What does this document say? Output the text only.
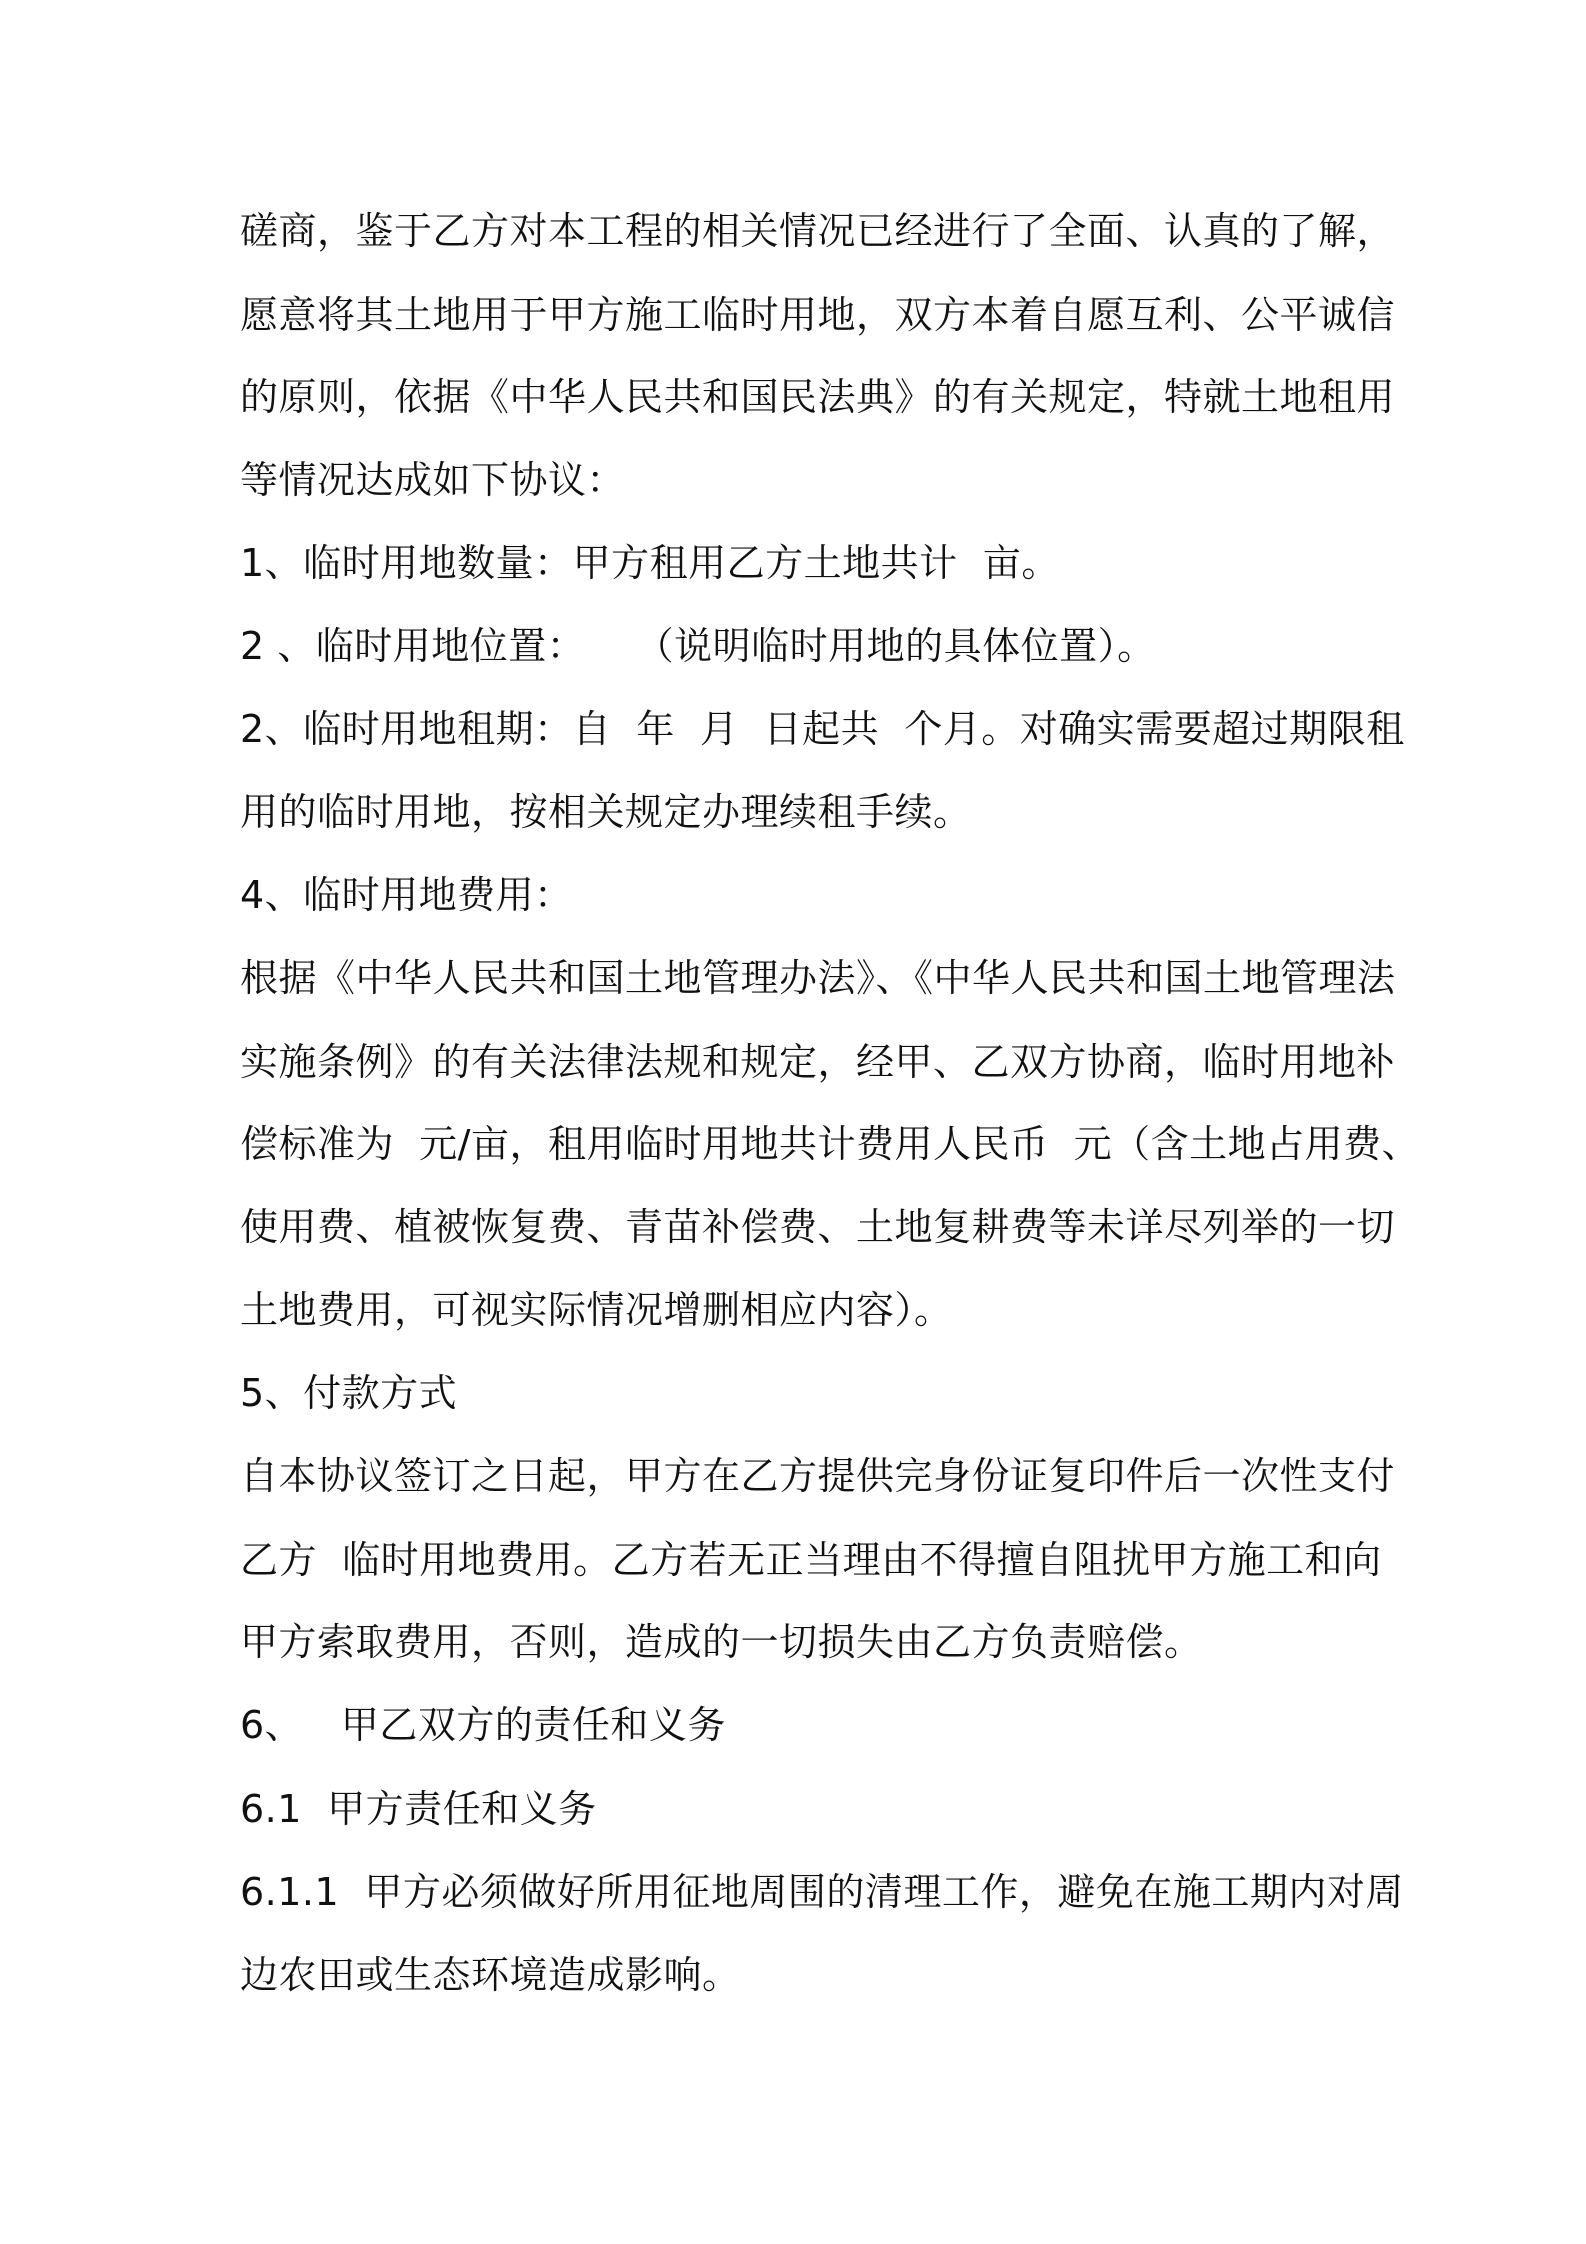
磋商，鉴于乙方对本工程的相关情况已经进行了全面、认真的了解，
愿意将其土地用于甲方施工临时用地，双方本着自愿互利、公平诚信
的原则，依据《中华人民共和国民法典》的有关规定，特就土地租用
等情况达成如下协议：
1、临时用地数量：甲方租用乙方土地共计  亩。
2 、临时用地位置：    （说明临时用地的具体位置）。
2、临时用地租期：自  年  月  日起共  个月。对确实需要超过期限租
用的临时用地，按相关规定办理续租手续。
4、临时用地费用：
根据《中华人民共和国土地管理办法》、《中华人民共和国土地管理法
实施条例》的有关法律法规和规定，经甲、乙双方协商，临时用地补
偿标准为  元/亩，租用临时用地共计费用人民币  元（含土地占用费、
使用费、植被恢复费、青苗补偿费、土地复耕费等未详尽列举的一切
土地费用，可视实际情况增删相应内容）。
5、付款方式
自本协议签订之日起，甲方在乙方提供完身份证复印件后一次性支付
乙方  临时用地费用。乙方若无正当理由不得擅自阻扰甲方施工和向
甲方索取费用，否则，造成的一切损失由乙方负责赔偿。
6、   甲乙双方的责任和义务
6.1  甲方责任和义务
6.1.1  甲方必须做好所用征地周围的清理工作，避免在施工期内对周
边农田或生态环境造成影响。
